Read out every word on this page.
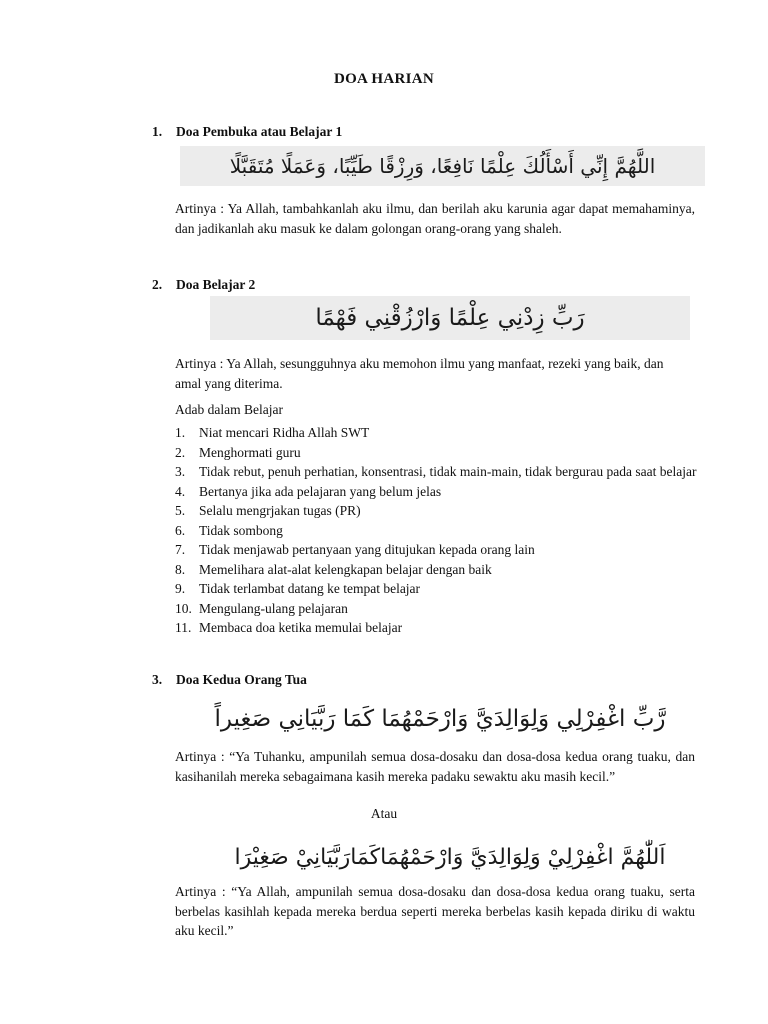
DOA HARIAN
1. Doa Pembuka atau Belajar 1
اللَّهُمَّ إِنِّي أَسْأَلُكَ عِلْمًا نَافِعًا، وَرِزْقًا طَيِّبًا، وَعَمَلًا مُتَقَبَّلًا
Artinya : Ya Allah, tambahkanlah aku ilmu, dan berilah aku karunia agar dapat memahaminya, dan jadikanlah aku masuk ke dalam golongan orang-orang yang shaleh.
2. Doa Belajar 2
رَبِّ زِدْنِي عِلْمًا وَارْزُقْنِي فَهْمًا
Artinya : Ya Allah, sesungguhnya aku memohon ilmu yang manfaat, rezeki yang baik, dan amal yang diterima.
Adab dalam Belajar
1.	Niat mencari Ridha Allah SWT
2.	Menghormati guru
3.	Tidak rebut, penuh perhatian, konsentrasi, tidak main-main, tidak bergurau pada saat belajar
4.	Bertanya jika ada pelajaran yang belum jelas
5.	Selalu mengrjakan tugas (PR)
6.	Tidak sombong
7.	Tidak menjawab pertanyaan yang ditujukan kepada orang lain
8.	Memelihara alat-alat kelengkapan belajar dengan baik
9.	Tidak terlambat datang ke tempat belajar
10. Mengulang-ulang pelajaran
11. Membaca doa ketika memulai belajar
3. Doa Kedua Orang Tua
رَّبِّ اغْفِرْلِي وَلِوَالِدَيَّ وَارْحَمْهُمَا كَمَا رَبَّيَانِي صَغِيراً
Artinya : “Ya Tuhanku, ampunilah semua dosa-dosaku dan dosa-dosa kedua orang tuaku, dan kasihanilah mereka sebagaimana kasih mereka padaku sewaktu aku masih kecil.”
Atau
اَللّٰهُمَّ اغْفِرْلِيْ وَلِوَالِدَيَّ وَارْحَمْهُمَاكَمَارَبَّيَانِيْ صَغِيْرَا
Artinya : “Ya Allah, ampunilah semua dosa-dosaku dan dosa-dosa kedua orang tuaku, serta berbelas kasihlah kepada mereka berdua seperti mereka berbelas kasih kepada diriku di waktu aku kecil.”
